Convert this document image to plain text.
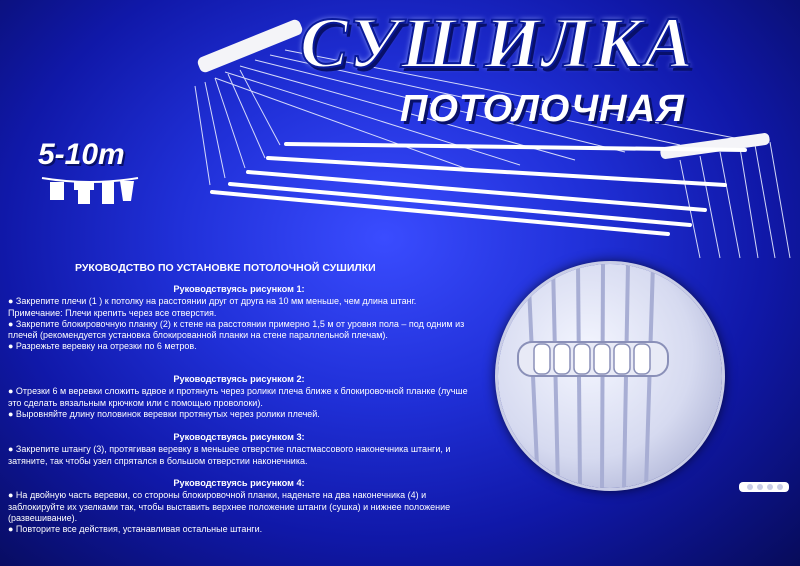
СУШИЛКА
ПОТОЛОЧНАЯ
5-10m
РУКОВОДСТВО ПО УСТАНОВКЕ ПОТОЛОЧНОЙ СУШИЛКИ
Руководствуясь рисунком 1:

● Закрепите плечи (1 ) к потолку на расстоянии друг от друга на 10 мм меньше, чем длина штанг.

Примечание: Плечи крепить через все отверстия.

● Закрепите блокировочную планку (2) к стене на расстоянии примерно 1,5 м от уровня пола – под одним из плечей (рекомендуется установка блокированной планки на стене параллельной плечам).

● Разрежьте веревку на отрезки по 6 метров.

Руководствуясь рисунком 2:

● Отрезки 6 м веревки сложить вдвое и протянуть через ролики плеча ближе к блокировочной планке (лучше это сделать вязальным крючком или с помощью проволоки).

● Выровняйте длину половинок веревки протянутых через ролики плечей.

Руководствуясь рисунком 3:

● Закрепите штангу (3), протягивая веревку в меньшее отверстие пластмассового наконечника штанги, и затяните, так чтобы узел спрятался в большом отверстии наконечника.

Руководствуясь рисунком 4:

● На двойную часть веревки, со стороны блокировочной планки, наденьте на два наконечника (4) и заблокируйте их узелками так, чтобы выставить верхнее положение штанги (сушка) и нижнее положение (развешивание).

● Повторите все действия, устанавливая остальные штанги.
